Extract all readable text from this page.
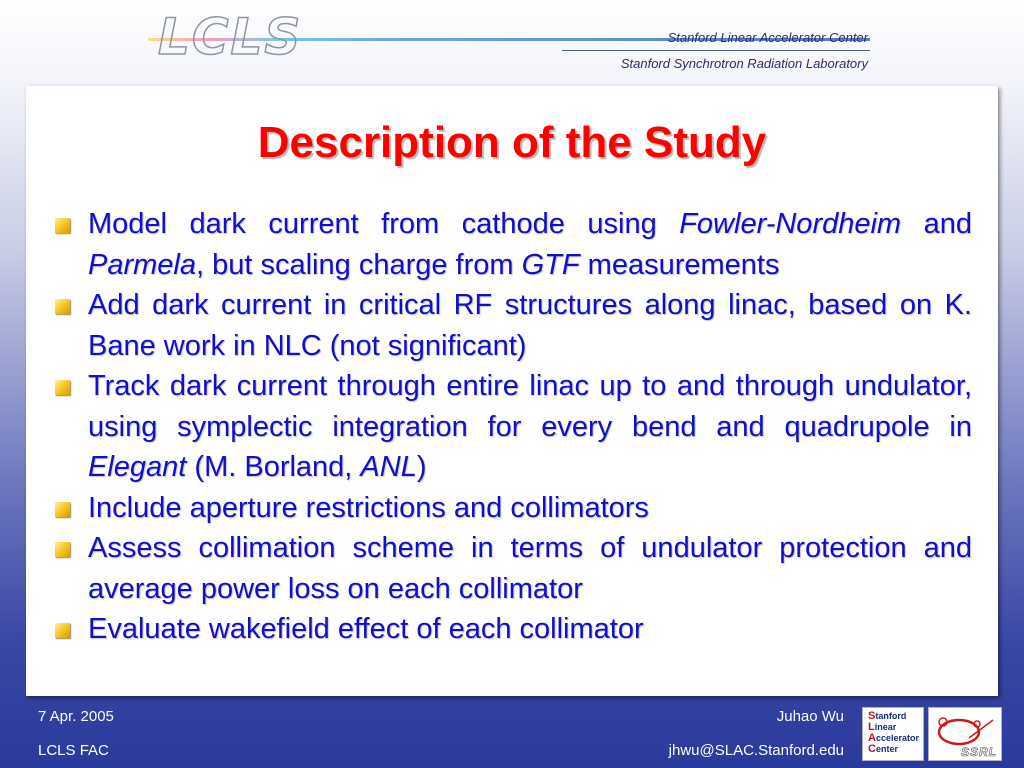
LCLS	Stanford Linear Accelerator Center
Stanford Synchrotron Radiation Laboratory
Description of the Study
Model dark current from cathode using Fowler-Nordheim and Parmela, but scaling charge from GTF measurements
Add dark current in critical RF structures along linac, based on K. Bane work in NLC (not significant)
Track dark current through entire linac up to and through undulator, using symplectic integration for every bend and quadrupole in Elegant (M. Borland, ANL)
Include aperture restrictions and collimators
Assess collimation scheme in terms of undulator protection and average power loss on each collimator
Evaluate wakefield effect of each collimator
7 Apr. 2005
LCLS FAC
Juhao Wu
jhwu@SLAC.Stanford.edu
Stanford
Linear
Accelerator
Center	SSRL
